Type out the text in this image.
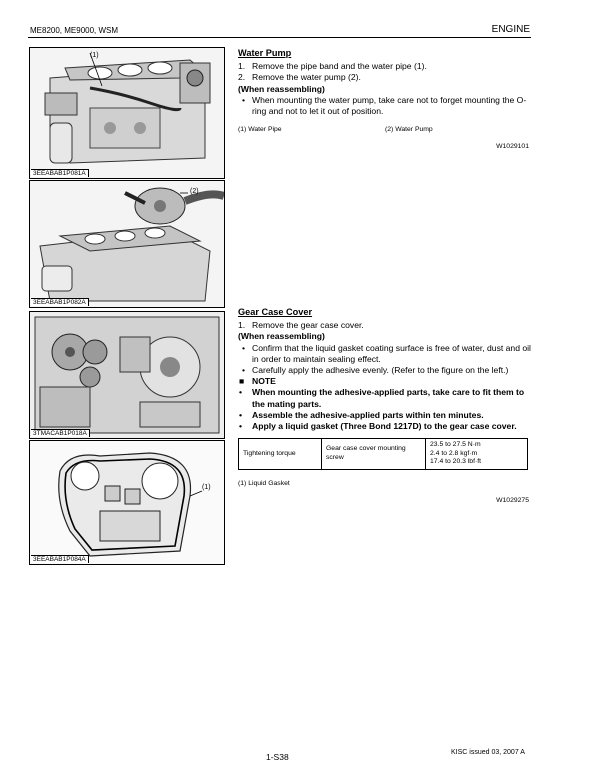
ME8200, ME9000, WSM	ENGINE
(1)
3EEABAB1P081A
(2)
3EEABAB1P082A
3TMACAB1P018A
(1)
3EEABAB1P084A
Water Pump
1. Remove the pipe band and the water pipe (1).
2. Remove the water pump (2).
(When reassembling)
• When mounting the water pump, take care not to forget mounting the O-ring and not to let it out of position.
(1) Water Pipe	(2) Water Pump
W1029101
Gear Case Cover
1. Remove the gear case cover.
(When reassembling)
• Confirm that the liquid gasket coating surface is free of water, dust and oil in order to maintain sealing effect.
• Carefully apply the adhesive evenly. (Refer to the figure on the left.)
■ NOTE
• When mounting the adhesive-applied parts, take care to fit them to the mating parts.
• Assemble the adhesive-applied parts within ten minutes.
• Apply a liquid gasket (Three Bond 1217D) to the gear case cover.
Tightening torque	Gear case cover mounting screw	
23.5 to 27.5 N·m
2.4 to 2.8 kgf·m
17.4 to 20.3 lbf·ft
(1) Liquid Gasket
W1029275
1-S38	KISC issued 03, 2007 A
